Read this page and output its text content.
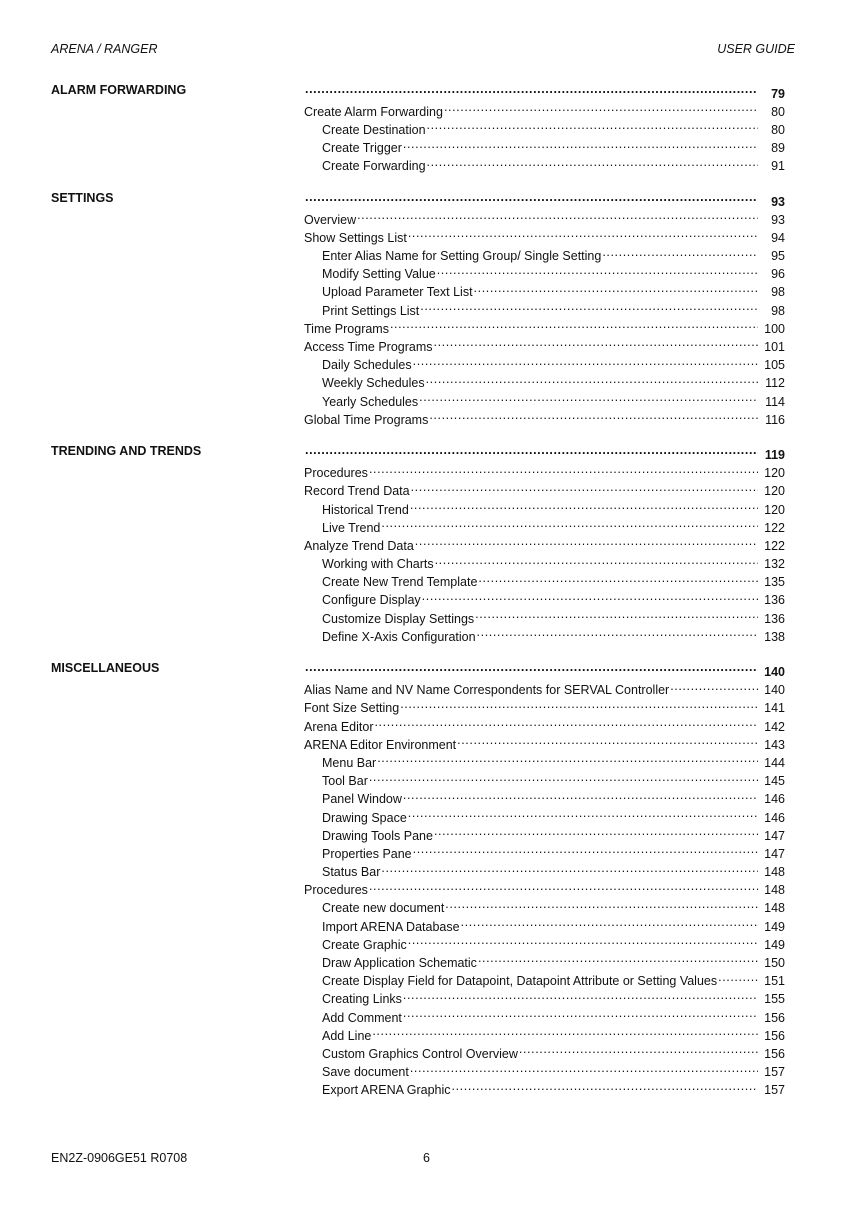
ARENA / RANGER	USER GUIDE
ALARM FORWARDING .....	79
Create Alarm Forwarding .....	80
Create Destination .....	80
Create Trigger .....	89
Create Forwarding .....	91
SETTINGS .....	93
Overview .....	93
Show Settings List .....	94
Enter Alias Name for Setting Group/ Single Setting .....	95
Modify Setting Value .....	96
Upload Parameter Text List .....	98
Print Settings List .....	98
Time Programs .....	100
Access Time Programs .....	101
Daily Schedules .....	105
Weekly Schedules .....	112
Yearly Schedules .....	114
Global Time Programs .....	116
TRENDING AND TRENDS .....	119
Procedures .....	120
Record Trend Data .....	120
Historical Trend .....	120
Live Trend .....	122
Analyze Trend Data .....	122
Working with Charts .....	132
Create New Trend Template .....	135
Configure Display .....	136
Customize Display Settings .....	136
Define X-Axis Configuration .....	138
MISCELLANEOUS .....	140
Alias Name and NV Name Correspondents for SERVAL Controller .....	140
Font Size Setting .....	141
Arena Editor .....	142
ARENA Editor Environment .....	143
Menu Bar .....	144
Tool Bar .....	145
Panel Window .....	146
Drawing Space .....	146
Drawing Tools Pane .....	147
Properties Pane .....	147
Status Bar .....	148
Procedures .....	148
Create new document .....	148
Import ARENA Database .....	149
Create Graphic .....	149
Draw Application Schematic .....	150
Create Display Field for Datapoint, Datapoint Attribute or Setting Values .....	151
Creating Links .....	155
Add Comment .....	156
Add Line .....	156
Custom Graphics Control Overview .....	156
Save document .....	157
Export ARENA Graphic .....	157
EN2Z-0906GE51 R0708	6
